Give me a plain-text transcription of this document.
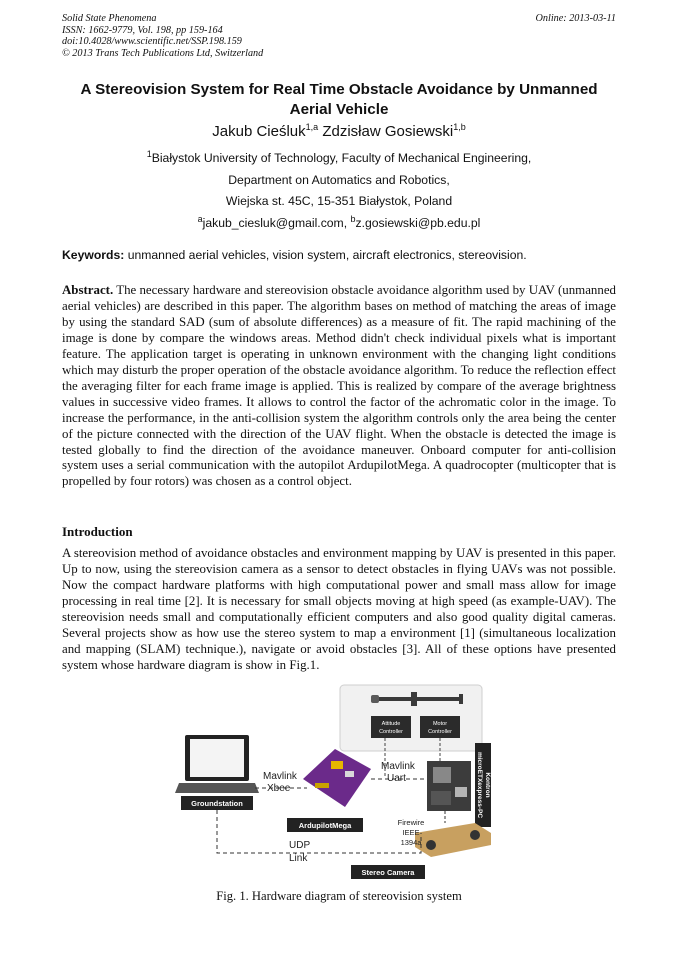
Solid State Phenomena
ISSN: 1662-9779, Vol. 198, pp 159-164
doi:10.4028/www.scientific.net/SSP.198.159
© 2013 Trans Tech Publications Ltd, Switzerland
Online: 2013-03-11
A Stereovision System for Real Time Obstacle Avoidance by Unmanned Aerial Vehicle
Jakub Cieśluk$^{1,a}$ Zdzisław Gosiewski$^{1,b}$
$^1$Białystok University of Technology, Faculty of Mechanical Engineering,
Department on Automatics and Robotics,
Wiejska st. 45C, 15-351 Białystok, Poland
$^a$jakub_ciesluk@gmail.com, $^b$z.gosiewski@pb.edu.pl
Keywords: unmanned aerial vehicles, vision system, aircraft electronics, stereovision.
Abstract. The necessary hardware and stereovision obstacle avoidance algorithm used by UAV (unmanned aerial vehicles) are described in this paper. The algorithm bases on method of matching the areas of image by using the standard SAD (sum of absolute differences) as a measure of fit. The rapid machining of the image is done by compare the windows areas. Method didn't check individual pixels what is important feature. The application target is operating in unknown environment with the changing light conditions which may disturb the proper operation of the obstacle avoidance algorithm. To reduce the reflection effect the averaging filter for each frame image is applied. This is realized by compare of the average brightness values in successive video frames. It allows to control the factor of the achromatic color in the image. To increase the performance, in the anti-collision system the algorithm controls only the area being the center of the picture connected with the direction of the UAV flight. When the obstacle is detected the image is tested globally to find the direction of the avoidance maneuver. Onboard computer for anti-collision system uses a serial communication with the autopilot ArdupilotMega. A quadrocopter (multicopter that is propelled by four rotors) was chosen as a control object.
Introduction
A stereovision method of avoidance obstacles and environment mapping by UAV is presented in this paper. Up to now, using the stereovision camera as a sensor to detect obstacles in flying UAVs was not possible. Now the compact hardware platforms with high computational power and small mass allow for image processing in real time [2]. It is necessary for small objects moving at high speed (as example-UAV). The stereovision needs small and computationally efficient computers and also good quality digital cameras. Several projects show as how use the stereo system to map a environment [1] (simultaneous localization and mapping (SLAM) technique.), navigate or avoid obstacles [3]. All of these options have presented system whose hardware diagram is show in Fig.1.
Attitude
Controller
Motor
Controller
Groundstation
ArdupilotMega
KontronmicroETXexpress-PC
Stereo Camera
Mavlink
Xbee
Mavlink
Uart
UDP
Link
Firewire
IEEE
1394a
Fig. 1. Hardware diagram of stereovision system
